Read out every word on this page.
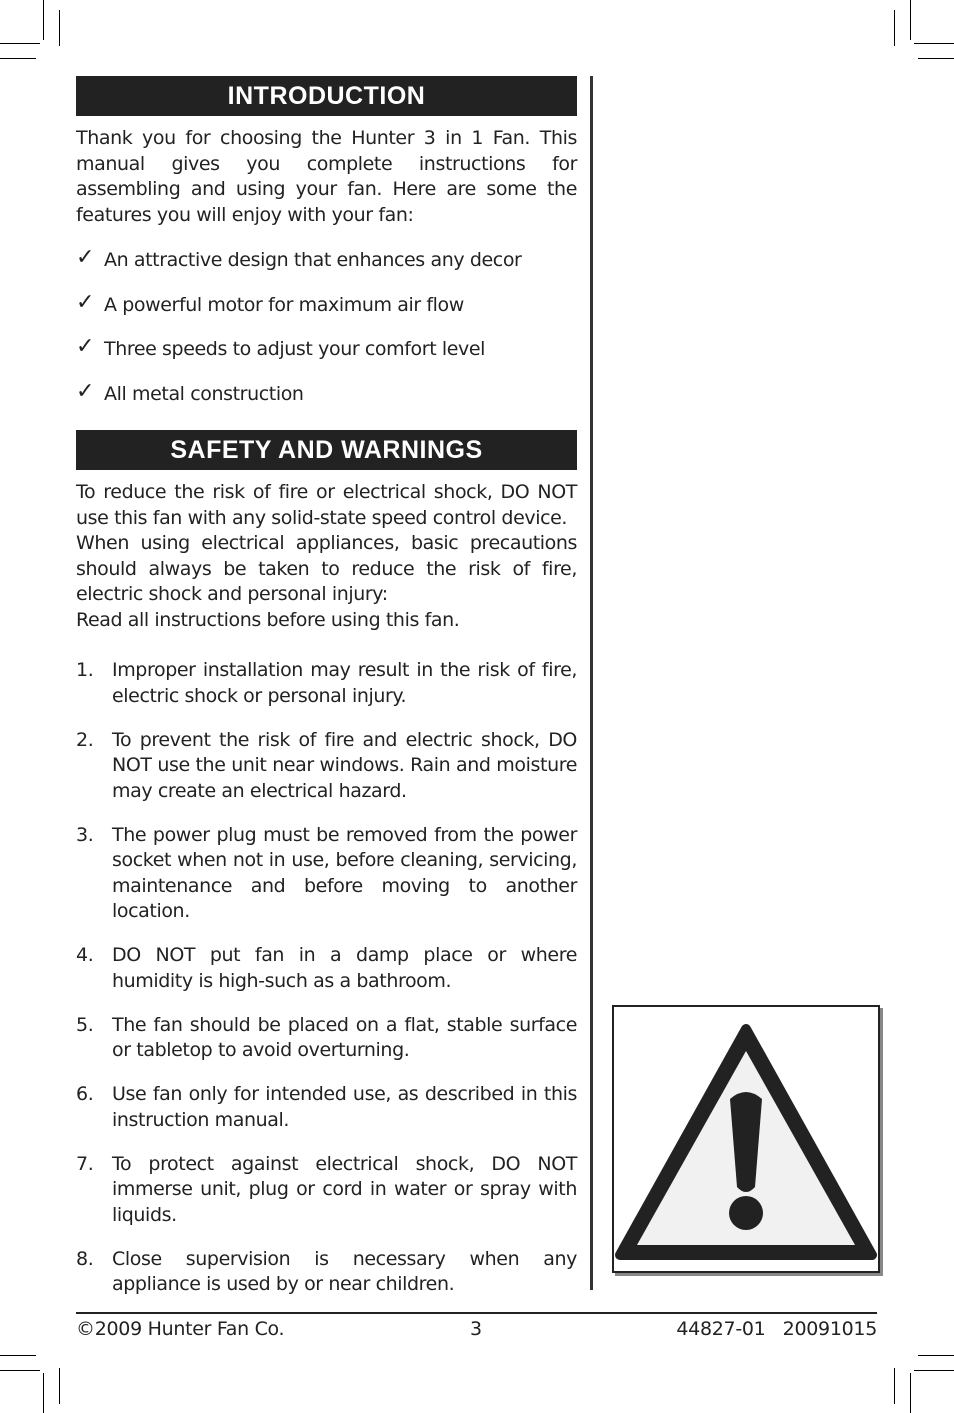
INTRODUCTION

Thank you for choosing the Hunter 3 in 1 Fan. This manual gives you complete instructions for assembling and using your fan. Here are some the features you will enjoy with your fan:

✓ An attractive design that enhances any decor
✓ A powerful motor for maximum air flow
✓ Three speeds to adjust your comfort level
✓ All metal construction
SAFETY AND WARNINGS

To reduce the risk of fire or electrical shock, DO NOT use this fan with any solid-state speed control device.

When using electrical appliances, basic precautions should always be taken to reduce the risk of fire, electric shock and personal injury:

Read all instructions before using this fan.

1. Improper installation may result in the risk of fire, electric shock or personal injury.
2. To prevent the risk of fire and electric shock, DO NOT use the unit near windows. Rain and moisture may create an electrical hazard.
3. The power plug must be removed from the power socket when not in use, before cleaning, servicing, maintenance and before moving to another location.
4. DO NOT put fan in a damp place or where humidity is high-such as a bathroom.
5. The fan should be placed on a flat, stable surface or tabletop to avoid overturning.
6. Use fan only for intended use, as described in this instruction manual.
7. To protect against electrical shock, DO NOT immerse unit, plug or cord in water or spray with liquids.
8. Close supervision is necessary when any appliance is used by or near children.
©2009 Hunter Fan Co.	3	44827-01   20091015
